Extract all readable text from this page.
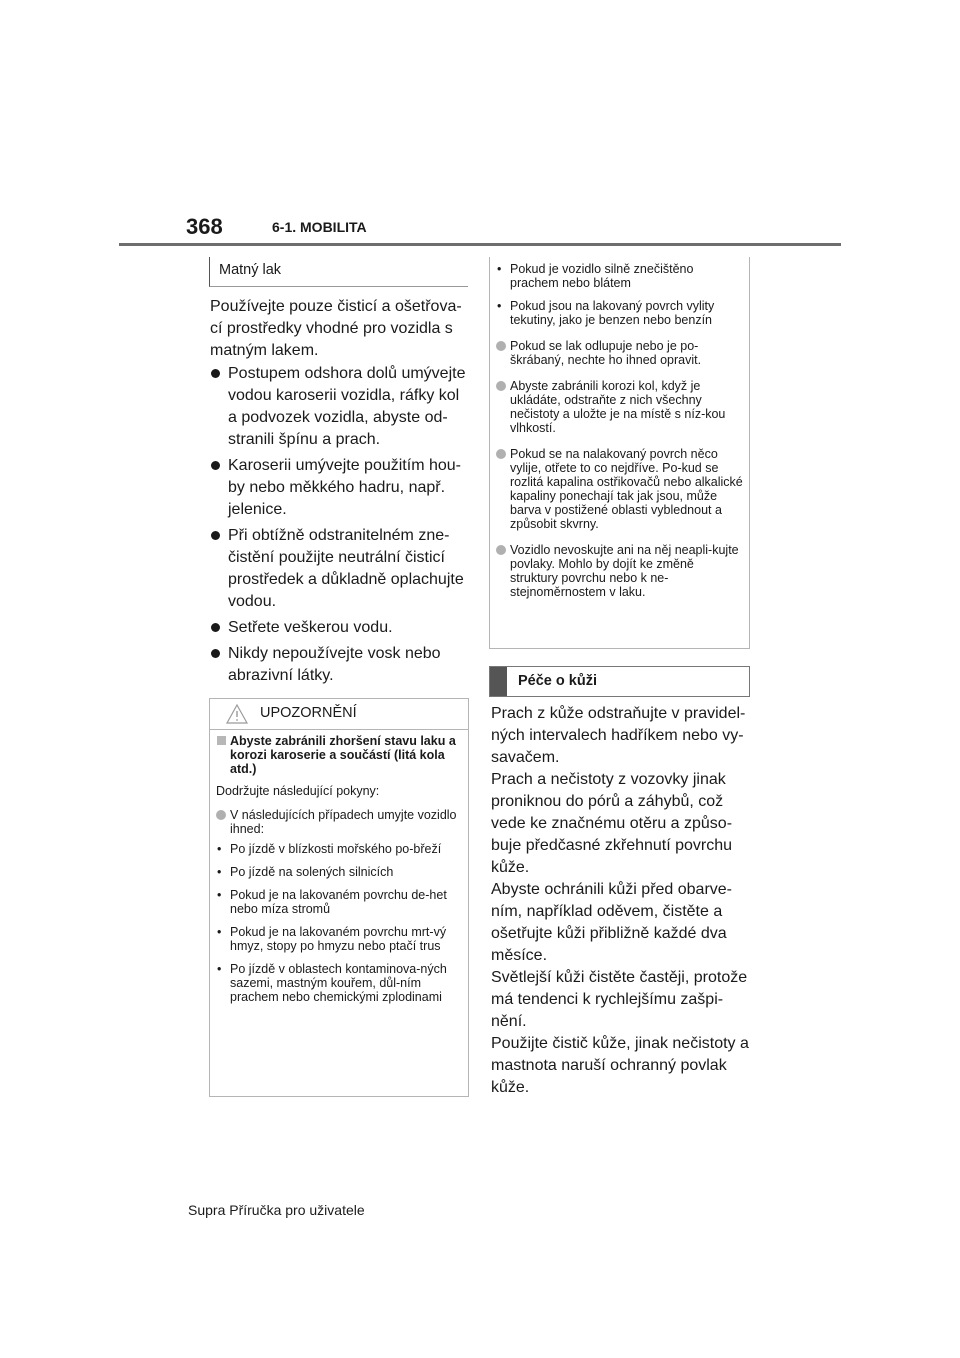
368	6-1. MOBILITA
Matný lak
Používejte pouze čisticí a ošetřova-cí prostředky vhodné pro vozidla s matným lakem.
Postupem odshora dolů umývejte vodou karoserii vozidla, ráfky kol a podvozek vozidla, abyste od-stranili špínu a prach.
Karoserii umývejte použitím hou-by nebo měkkého hadru, např. jelenice.
Při obtížně odstranitelném zne-čistění použijte neutrální čisticí prostředek a důkladně oplachujte vodou.
Setřete veškerou vodu.
Nikdy nepoužívejte vosk nebo abrazivní látky.
UPOZORNĚNÍ
Abyste zabránili zhoršení stavu laku a korozi karoserie a součástí (litá kola atd.)
Dodržujte následující pokyny:
V následujících případech umyjte vozidlo ihned:
• Po jízdě v blízkosti mořského po-břeží
• Po jízdě na solených silnicích
• Pokud je na lakovaném povrchu de-het nebo míza stromů
• Pokud je na lakovaném povrchu mrt-vý hmyz, stopy po hmyzu nebo ptačí trus
• Po jízdě v oblastech kontaminova-ných sazemi, mastným kouřem, důl-ním prachem nebo chemickými zplodinami
• Pokud je vozidlo silně znečištěno prachem nebo blátem
• Pokud jsou na lakovaný povrch vylity tekutiny, jako je benzen nebo benzín
Pokud se lak odlupuje nebo je po-škrábaný, nechte ho ihned opravit.
Abyste zabránili korozi kol, když je ukládáte, odstraňte z nich všechny nečistoty a uložte je na místě s níz-kou vlhkostí.
Pokud se na nalakovaný povrch něco vylije, otřete to co nejdříve. Po-kud se rozlitá kapalina ostřikovačů nebo alkalické kapaliny ponechají tak jak jsou, může barva v postižené oblasti vyblednout a způsobit skvrny.
Vozidlo nevoskujte ani na něj neapli-kujte povlaky. Mohlo by dojít ke změně struktury povrchu nebo k ne-stejnoměrnostem v laku.
Péče o kůži

Prach z kůže odstraňujte v pravidel-ných intervalech hadříkem nebo vy-savačem.

Prach a nečistoty z vozovky jinak proniknou do pórů a záhybů, což vede ke značnému otěru a způso-buje předčasné zkřehnutí povrchu kůže.

Abyste ochránili kůži před obarve-ním, například oděvem, čistěte a ošetřujte kůži přibližně každé dva měsíce.

Světlejší kůži čistěte častěji, protože má tendenci k rychlejšímu zašpi-nění.

Použijte čistič kůže, jinak nečistoty a mastnota naruší ochranný povlak kůže.

Supra Příručka pro uživatele
